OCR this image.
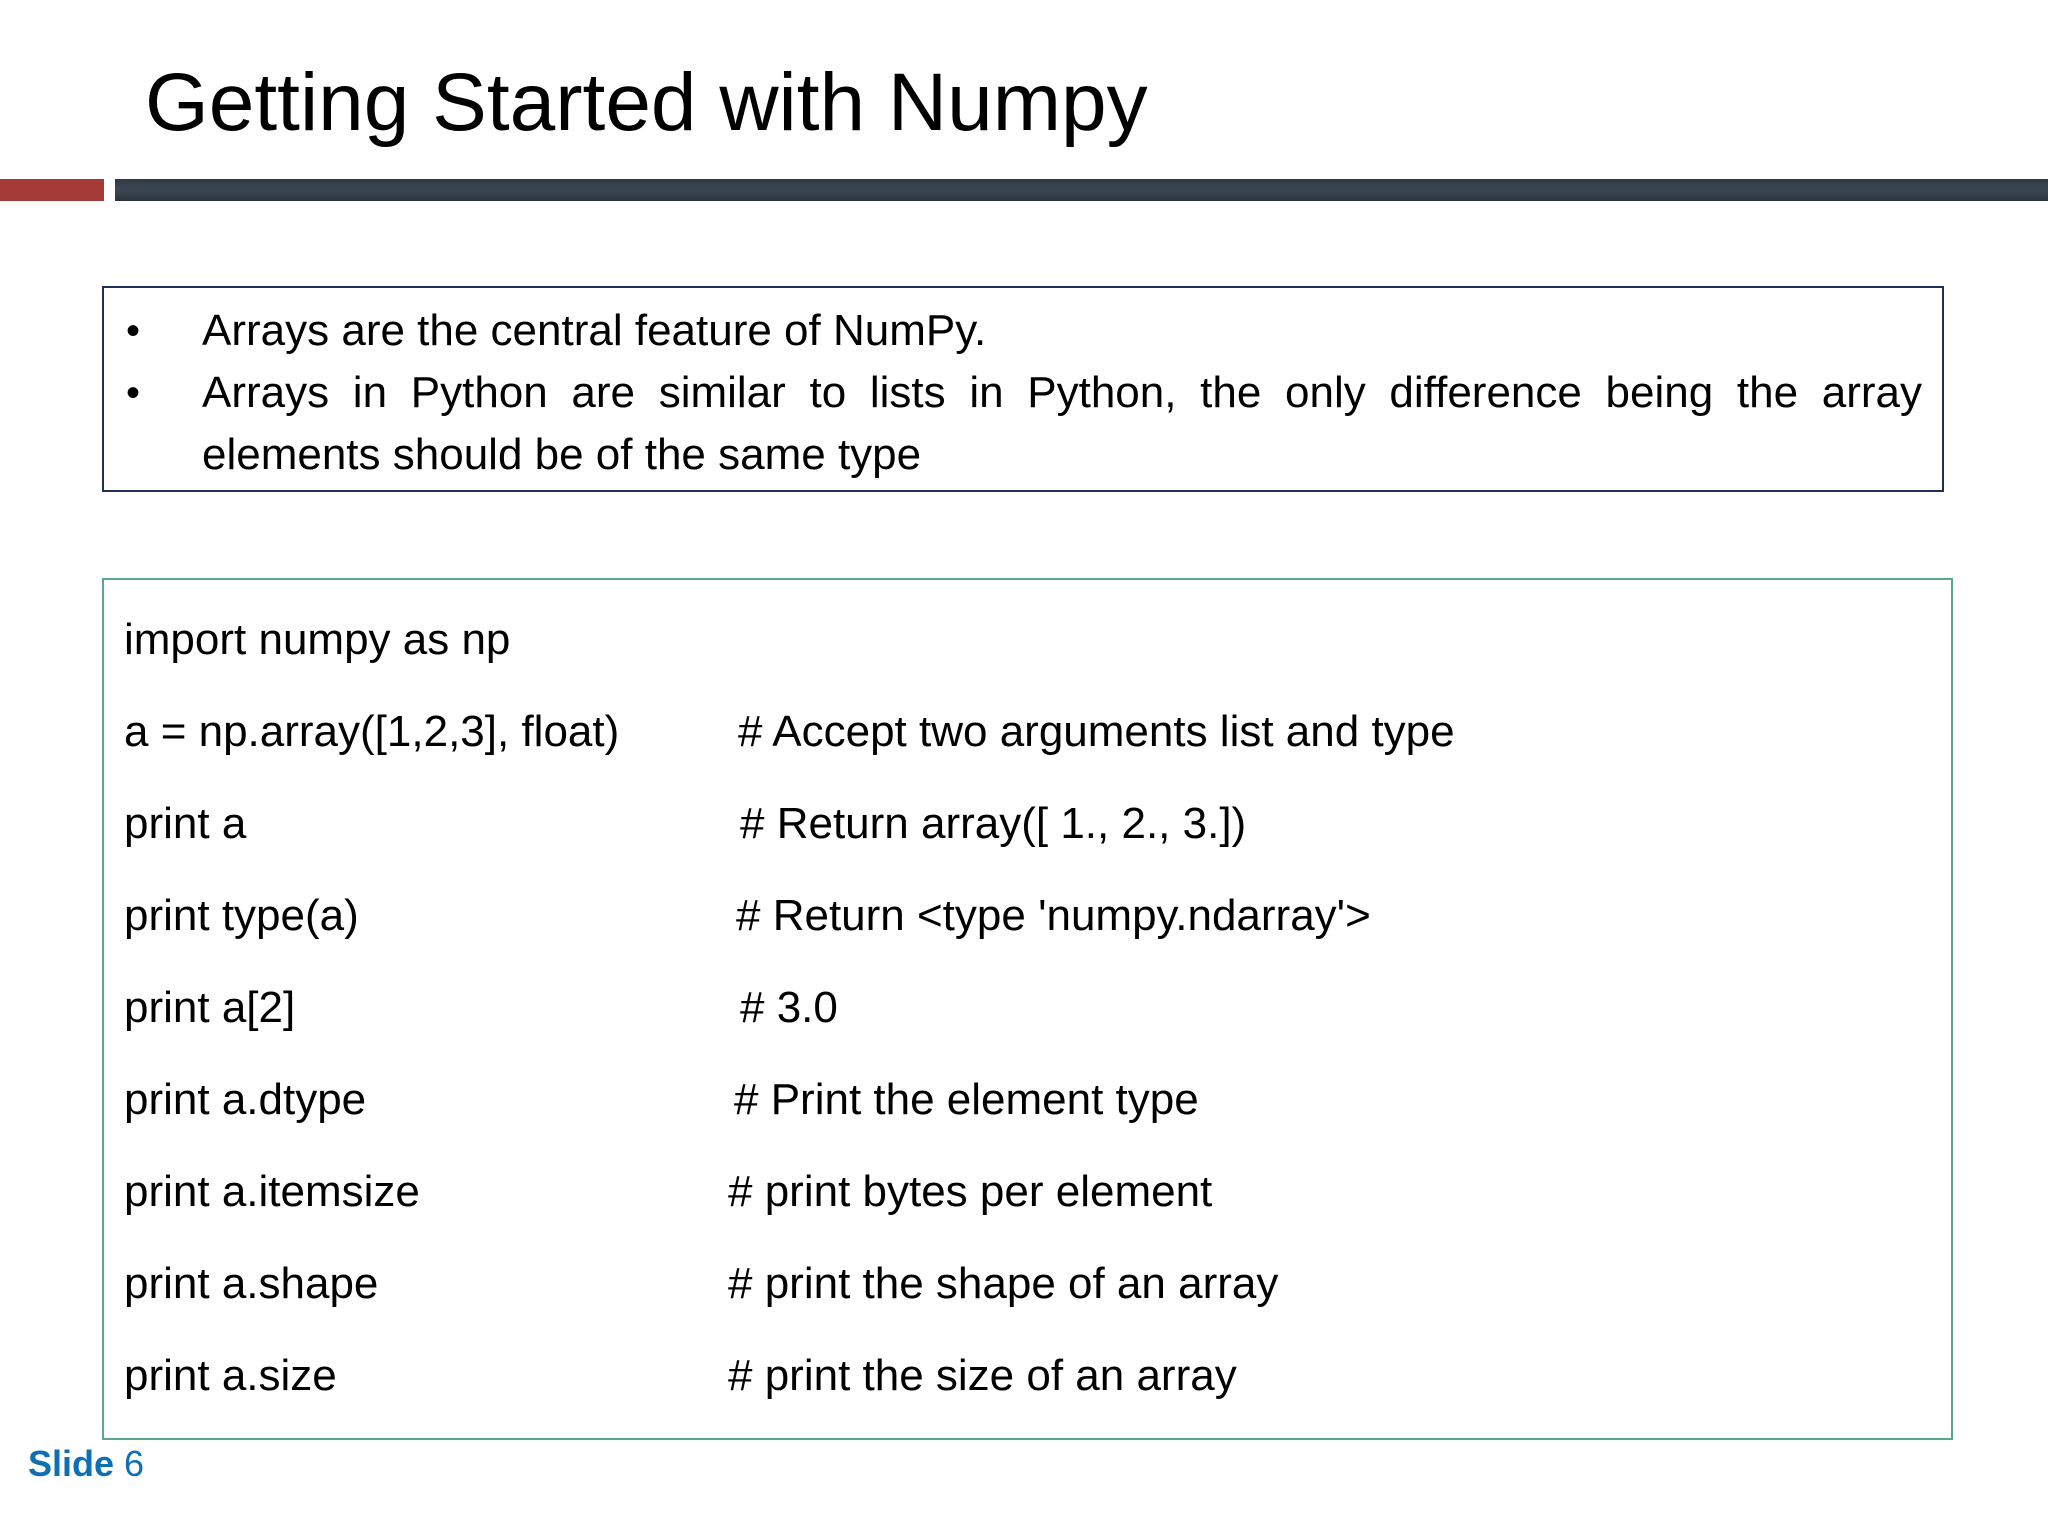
Getting Started with Numpy
• Arrays are the central feature of NumPy.
• Arrays in Python are similar to lists in Python, the only difference being the array elements should be of the same type
import numpy as np
a = np.array([1,2,3], float)	# Accept two arguments list and type
print a	# Return array([ 1., 2., 3.])
print type(a)	# Return <type 'numpy.ndarray'>
print a[2]	# 3.0
print a.dtype	# Print the element type
print a.itemsize	# print bytes per element
print a.shape	# print the shape of an array
print a.size	# print the size of an array
Slide 6
